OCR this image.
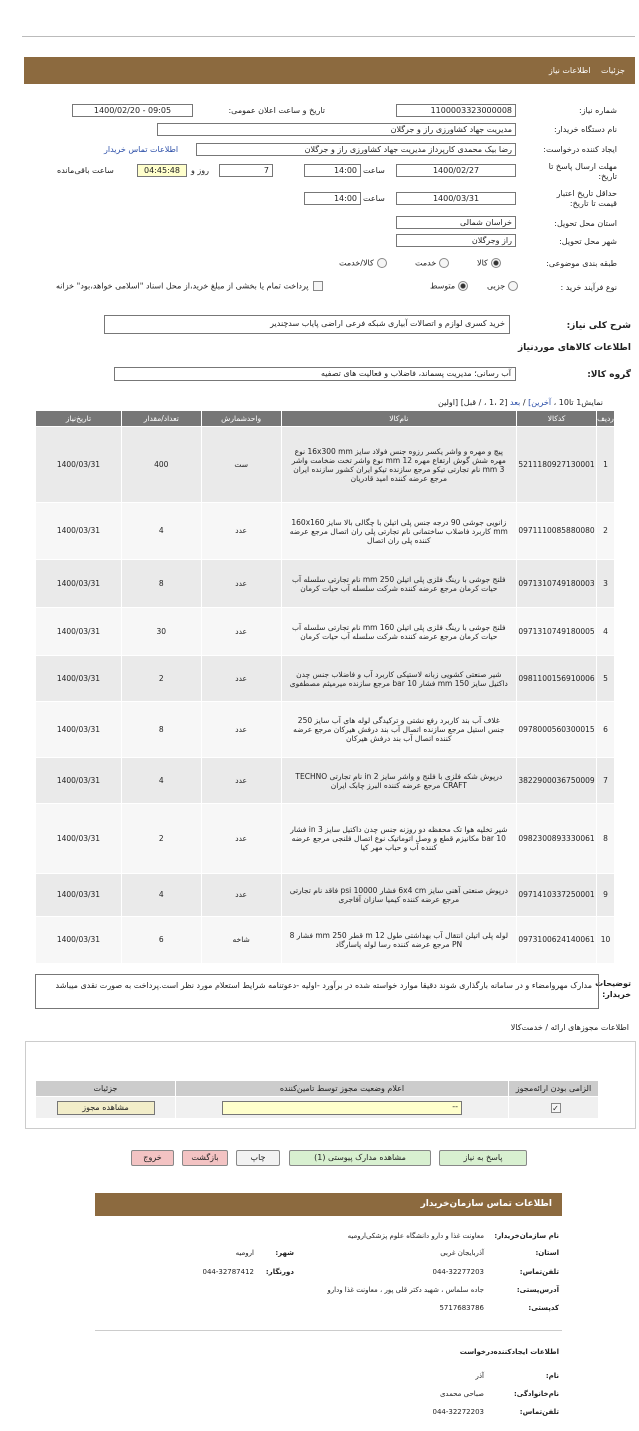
جزئیات اطلاعات نیاز
شماره نیاز:
1100003323000008
تاریخ و ساعت اعلان عمومی:
1400/02/20 - 09:05
نام دستگاه خریدار:
مدیریت جهاد کشاورزی راز و جرگلان
ایجاد کننده درخواست:
رضا بیک محمدی کارپرداز مدیریت جهاد کشاورزی راز و جرگلان
اطلاعات تماس خریدار
مهلت ارسال پاسخ تا تاریخ:
1400/02/27
ساعت
14:00
7
روز و
04:45:48
ساعت باقی‌مانده
حداقل تاریخ اعتبار قیمت تا تاریخ:
1400/03/31
ساعت
14:00
استان محل تحویل:
خراسان شمالی
شهر محل تحویل:
راز وجرگلان
طبقه بندی موضوعی:
کالا
خدمت
کالا/خدمت
نوع فرآیند خرید :
جزیی
متوسط
پرداخت تمام یا بخشی از مبلغ خرید،از محل اسناد "اسلامی خواهد،بود" خزانه
شرح کلی نیاز:
خرید کسری لوازم و اتصالات آبیاری شبکه فرعی اراضی پایاب سدچندیر
اطلاعات کالاهای موردنیاز
گروه کالا:
آب رسانی؛ مدیریت پسماند، فاضلاب و فعالیت های تصفیه
نمایش1 تا10 ، آخرین] / بعد [2 ،1 ، / قبل] [اولین
ردیف	کدکالا	نام‌کالا	واحدشمارش	تعداد/مقدار	تاریخ‌نیاز
1	5211180927130001	پیچ و مهره و واشر یکسر رزوه جنس فولاد سایز 16x300 mm نوع مهره شش گوش ارتفاع مهره 12 mm نوع واشر تخت ضخامت واشر 3 mm نام تجارتی تیکو مرجع سازنده تیکو ایران کشور سازنده ایران مرجع عرضه کننده امید قادریان	ست	400	1400/03/31
2	0971110085880080	زانویی جوشی 90 درجه جنس پلی اتیلن با چگالی بالا سایز 160x160 mm کاربرد فاضلاب ساختمانی نام تجارتی پلی ران اتصال مرجع عرضه کننده پلی ران اتصال	عدد	4	1400/03/31
3	0971310749180003	فلنج جوشی با رینگ فلزی پلی اتیلن 250 mm نام تجارتی سلسله آب حیات کرمان مرجع عرضه کننده شرکت سلسله آب حیات کرمان	عدد	8	1400/03/31
4	0971310749180005	فلنج جوشی با رینگ فلزی پلی اتیلن 160 mm نام تجارتی سلسله آب حیات کرمان مرجع عرضه کننده شرکت سلسله آب حیات کرمان	عدد	30	1400/03/31
5	0981100156910006	شیر صنعتی کشویی زبانه لاستیکی کاربرد آب و فاضلاب جنس چدن داکتیل سایز 150 mm فشار 10 bar مرجع سازنده میرمیثم مصطفوی	عدد	2	1400/03/31
6	0978000560300015	غلاف آب بند کاربرد رفع نشتی و ترکیدگی لوله های آب سایز 250 جنس استیل مرجع سازنده اتصال آب بند درفش هیرکان مرجع عرضه کننده اتصال آب بند درفش هیرکان	عدد	8	1400/03/31
7	3822900036750009	درپوش شکه فلزی با فلنج و واشر سایز 2 in نام تجارتی TECHNO CRAFT مرجع عرضه کننده البرز چابک ایران	عدد	4	1400/03/31
8	0982300893330061	شیر تخلیه هوا تک محفظه دو روزنه جنس چدن داکتیل سایز 3 in فشار 10 bar مکانیزم قطع و وصل اتوماتیک نوع اتصال فلنجی مرجع عرضه کننده آب و حباب مهر کیا	عدد	2	1400/03/31
9	0971410337250001	درپوش صنعتی آهنی سایز 6x4 cm فشار 10000 psi فاقد نام تجارتی مرجع عرضه کننده کیمیا سازان آفاجری	عدد	4	1400/03/31
10	0973100624140061	لوله پلی اتیلن انتقال آب بهداشتی طول 12 m قطر 250 mm فشار 8 PN مرجع عرضه کننده رسا لوله پاسارگاد	شاخه	6	1400/03/31
توضیحات خریدار:
مدارک مهروامضاء و در سامانه بارگذاری شوند دقیقا موارد خواسته شده در برآورد -اولیه -دعوتنامه شرایط استعلام مورد نظر است.پرداخت به صورت نقدی میباشد
اطلاعات مجوزهای ارائه / خدمت‌کالا
الزامی بودن ارائه‌مجوز	اعلام وضعیت مجوز توسط تامین‌کننده	جزئیات
✓	--	مشاهده مجوز
پاسخ به نیاز
مشاهده مدارک پیوستی (1)
چاپ
بازگشت
خروج
اطلاعات تماس سازمان‌خریدار
نام سازمان‌خریدار:
معاونت غذا و دارو دانشگاه علوم پزشکی‌ارومیه
استان:
آذربایجان غربی
شهر:
ارومیه
تلفن‌تماس:
044-32277203
دورنگار:
044-32787412
آدرس‌پستی:
جاده سلماس ، شهید دکتر قلی پور ، معاونت غذا ودارو
کدپستی:
5717683786
اطلاعات ایجادکننده‌درخواست
نام:
آذر
نام‌خانوادگی:
صباحی محمدی
تلفن‌تماس:
044-32272203
